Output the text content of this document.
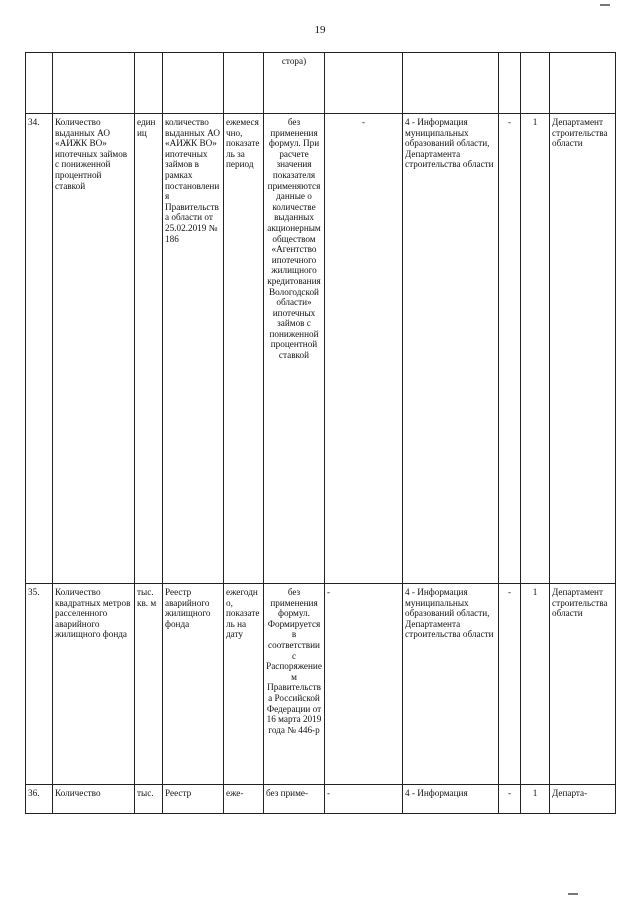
19
					стора)					
34.	Количество выданных АО «АИЖК ВО» ипотечных займов с пониженной процентной ставкой	единиц	количество выданных АО «АИЖК ВО» ипотечных займов в рамках постановления Правительства области от 25.02.2019 № 186	ежемесячно, показатель за период	без применения формул. При расчете значения показателя применяются данные о количестве выданных акционерным обществом «Агентство ипотечного жилищного кредитования Вологодской области» ипотечных займов с пониженной процентной ставкой	-	4 - Информация муниципальных образований области, Департамента строительства области	-	1	Департамент строительства области
35.	Количество квадратных метров расселенного аварийного жилищного фонда	тыс. кв. м	Реестр аварийного жилищного фонда	ежегодно, показатель на дату	без применения формул. Формируется в соответствии с Распоряжением Правительства Российской Федерации от 16 марта 2019 года № 446-р	-	4 - Информация муниципальных образований области, Департамента строительства области	-	1	Департамент строительства области
36.	Количество	тыс.	Реестр	еже-	без приме-	-	4 - Информация	-	1	Департа-
